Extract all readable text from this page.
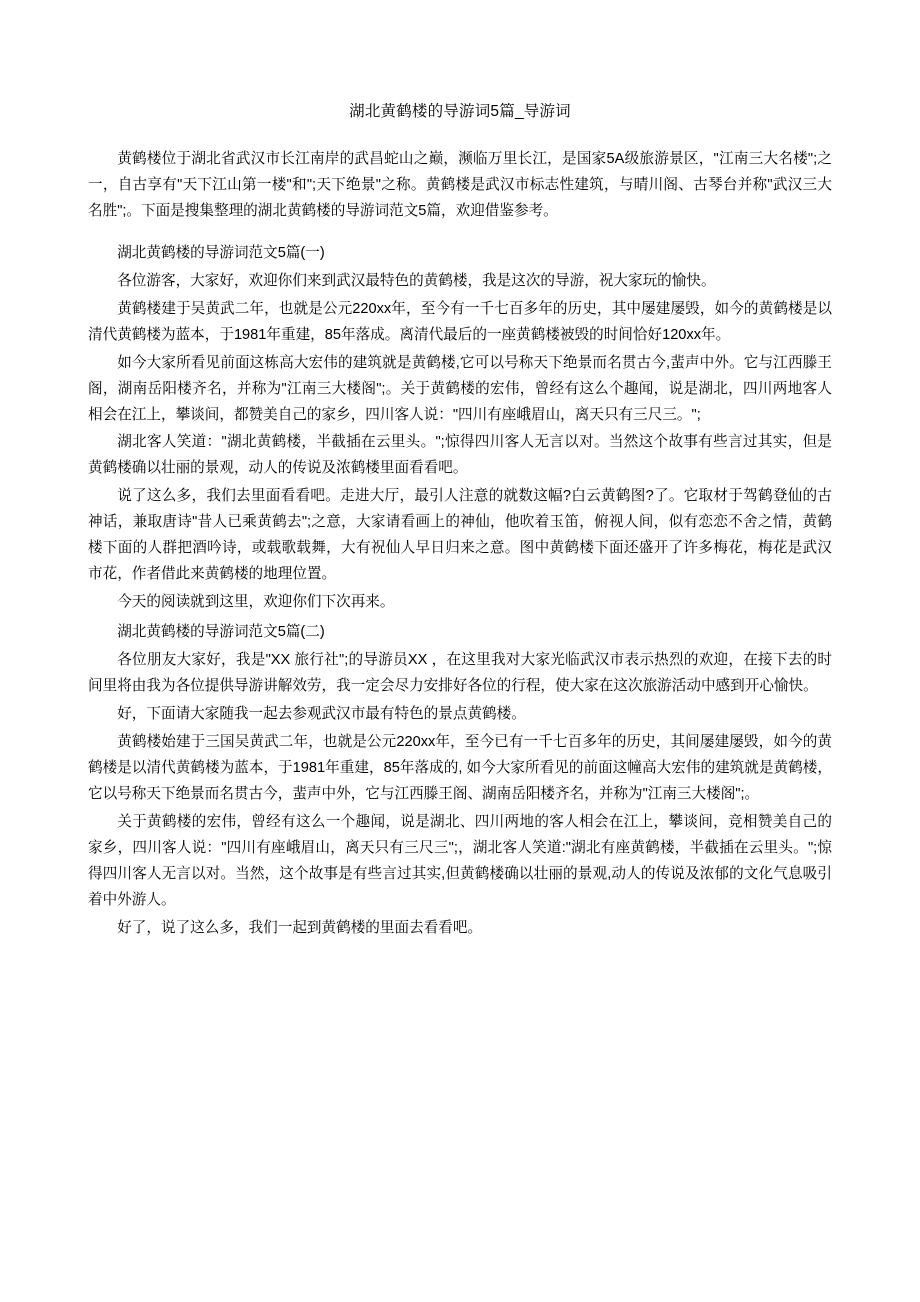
湖北黄鹤楼的导游词5篇_导游词
黄鹤楼位于湖北省武汉市长江南岸的武昌蛇山之巅，濒临万里长江，是国家5A级旅游景区，"江南三大名楼";之一，自古享有"天下江山第一楼"和";天下绝景"之称。黄鹤楼是武汉市标志性建筑，与晴川阁、古琴台并称"武汉三大名胜";。下面是搜集整理的湖北黄鹤楼的导游词范文5篇，欢迎借鉴参考。
湖北黄鹤楼的导游词范文5篇(一)
各位游客，大家好，欢迎你们来到武汉最特色的黄鹤楼，我是这次的导游，祝大家玩的愉快。
黄鹤楼建于吴黄武二年，也就是公元220xx年，至今有一千七百多年的历史，其中屡建屡毁，如今的黄鹤楼是以清代黄鹤楼为蓝本，于1981年重建，85年落成。离清代最后的一座黄鹤楼被毁的时间恰好120xx年。
如今大家所看见前面这栋高大宏伟的建筑就是黄鹤楼,它可以号称天下绝景而名贯古今,蜚声中外。它与江西滕王阁，湖南岳阳楼齐名，并称为"江南三大楼阁";。关于黄鹤楼的宏伟，曾经有这么个趣闻，说是湖北，四川两地客人相会在江上，攀谈间，都赞美自己的家乡，四川客人说："四川有座峨眉山，离天只有三尺三。";
湖北客人笑道："湖北黄鹤楼，半截插在云里头。";惊得四川客人无言以对。当然这个故事有些言过其实，但是黄鹤楼确以壮丽的景观，动人的传说及浓鹤楼里面看看吧。
说了这么多，我们去里面看看吧。走进大厅，最引人注意的就数这幅?白云黄鹤图?了。它取材于驾鹤登仙的古神话，兼取唐诗"昔人已乘黄鹤去";之意，大家请看画上的神仙，他吹着玉笛，俯视人间，似有恋恋不舍之情，黄鹤楼下面的人群把酒吟诗，或载歌载舞，大有祝仙人早日归来之意。图中黄鹤楼下面还盛开了许多梅花，梅花是武汉市花，作者借此来黄鹤楼的地理位置。
今天的阅读就到这里，欢迎你们下次再来。
湖北黄鹤楼的导游词范文5篇(二)
各位朋友大家好，我是"XX 旅行社";的导游员XX ，在这里我对大家光临武汉市表示热烈的欢迎，在接下去的时间里将由我为各位提供导游讲解效劳，我一定会尽力安排好各位的行程，使大家在这次旅游活动中感到开心愉快。
好，下面请大家随我一起去参观武汉市最有特色的景点黄鹤楼。
黄鹤楼始建于三国吴黄武二年，也就是公元220xx年，至今已有一千七百多年的历史，其间屡建屡毁，如今的黄鹤楼是以清代黄鹤楼为蓝本，于1981年重建，85年落成的, 如今大家所看见的前面这幢高大宏伟的建筑就是黄鹤楼，它以号称天下绝景而名贯古今，蜚声中外，它与江西滕王阁、湖南岳阳楼齐名，并称为"江南三大楼阁";。
关于黄鹤楼的宏伟，曾经有这么一个趣闻，说是湖北、四川两地的客人相会在江上，攀谈间，竞相赞美自己的家乡，四川客人说："四川有座峨眉山，离天只有三尺三";，湖北客人笑道:"湖北有座黄鹤楼，半截插在云里头。";惊得四川客人无言以对。当然，这个故事是有些言过其实,但黄鹤楼确以壮丽的景观,动人的传说及浓郁的文化气息吸引着中外游人。
好了，说了这么多，我们一起到黄鹤楼的里面去看看吧。
